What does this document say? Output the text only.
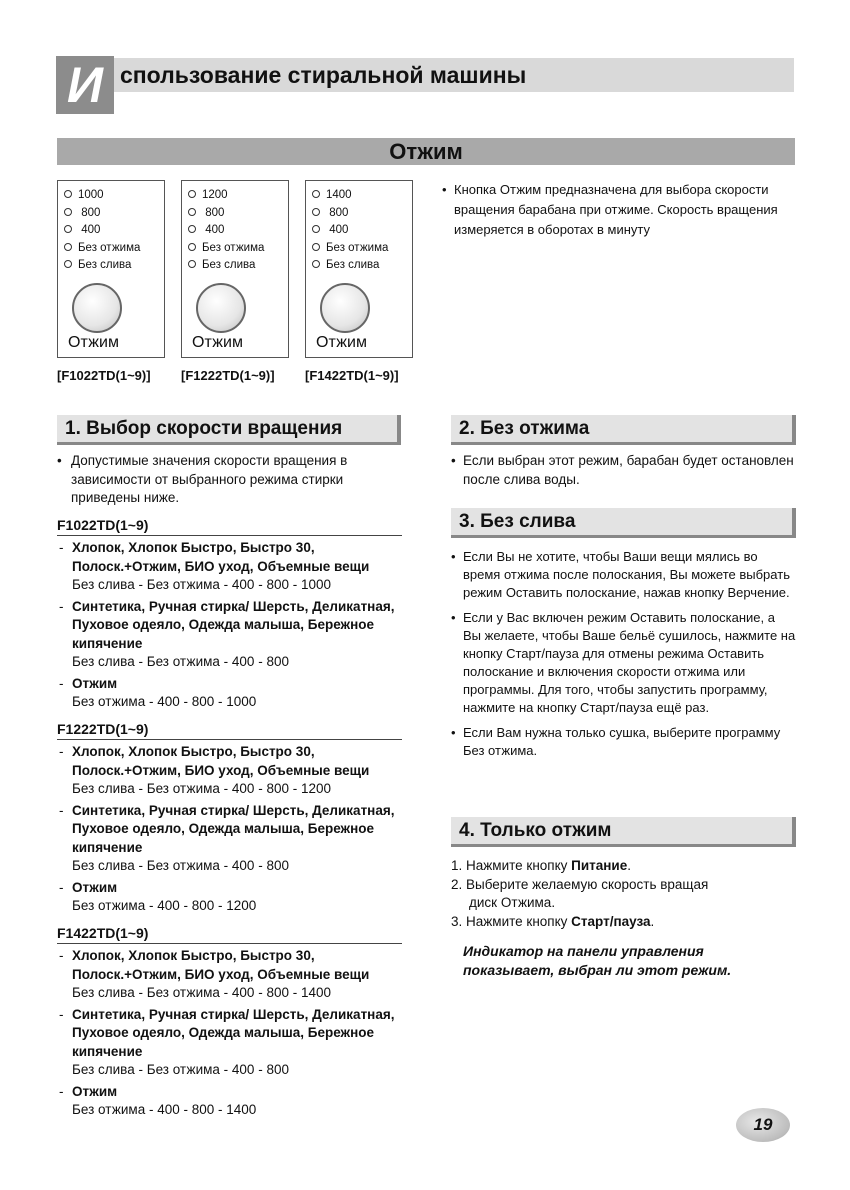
И спользование стиральной машины
Отжим
1000
800
400
Без отжима
Без слива
Отжим
[F1022TD(1~9)]
1200
800
400
Без отжима
Без слива
Отжим
[F1222TD(1~9)]
1400
800
400
Без отжима
Без слива
Отжим
[F1422TD(1~9)]
• Кнопка Отжим предназначена для выбора скорости вращения барабана при отжиме. Скорость вращения измеряется в оборотах в минуту
1. Выбор скорости вращения
• Допустимые значения скорости вращения в зависимости от выбранного режима стирки приведены ниже.
F1022TD(1~9)
- Хлопок, Хлопок Быстро, Быстро 30, Полоск.+Отжим, БИО уход, Объемные вещи
Без слива - Без отжима - 400 - 800 - 1000
- Синтетика, Ручная стирка/ Шерсть, Деликатная, Пуховое одеяло, Одежда малыша, Бережное кипячение
Без слива - Без отжима - 400 - 800
- Отжим
Без отжима - 400 - 800 - 1000
F1222TD(1~9)
- Хлопок, Хлопок Быстро, Быстро 30, Полоск.+Отжим, БИО уход, Объемные вещи
Без слива - Без отжима - 400 - 800 - 1200
- Синтетика, Ручная стирка/ Шерсть, Деликатная, Пуховое одеяло, Одежда малыша, Бережное кипячение
Без слива - Без отжима - 400 - 800
- Отжим
Без отжима - 400 - 800 - 1200
F1422TD(1~9)
- Хлопок, Хлопок Быстро, Быстро 30, Полоск.+Отжим, БИО уход, Объемные вещи
Без слива - Без отжима - 400 - 800 - 1400
- Синтетика, Ручная стирка/ Шерсть, Деликатная, Пуховое одеяло, Одежда малыша, Бережное кипячение
Без слива - Без отжима - 400 - 800
- Отжим
Без отжима - 400 - 800 - 1400
2. Без отжима
• Если выбран этот режим, барабан будет остановлен после слива воды.
3. Без слива
• Если Вы не хотите, чтобы Ваши вещи мялись во время отжима после полоскания, Вы можете выбрать режим Оставить полоскание, нажав кнопку Верчение.
• Если у Вас включен режим Оставить полоскание, а Вы желаете, чтобы Ваше бельё сушилось, нажмите на кнопку Старт/пауза для отмены режима Оставить полоскание и включения скорости отжима или программы. Для того, чтобы запустить программу, нажмите на кнопку Старт/пауза ещё раз.
• Если Вам нужна только сушка, выберите программу Без отжима.
4. Только отжим
1. Нажмите кнопку Питание.
2. Выберите желаемую скорость вращая
диск Отжима.
3. Нажмите кнопку Старт/пауза.
Индикатор на панели управления показывает, выбран ли этот режим.
19
